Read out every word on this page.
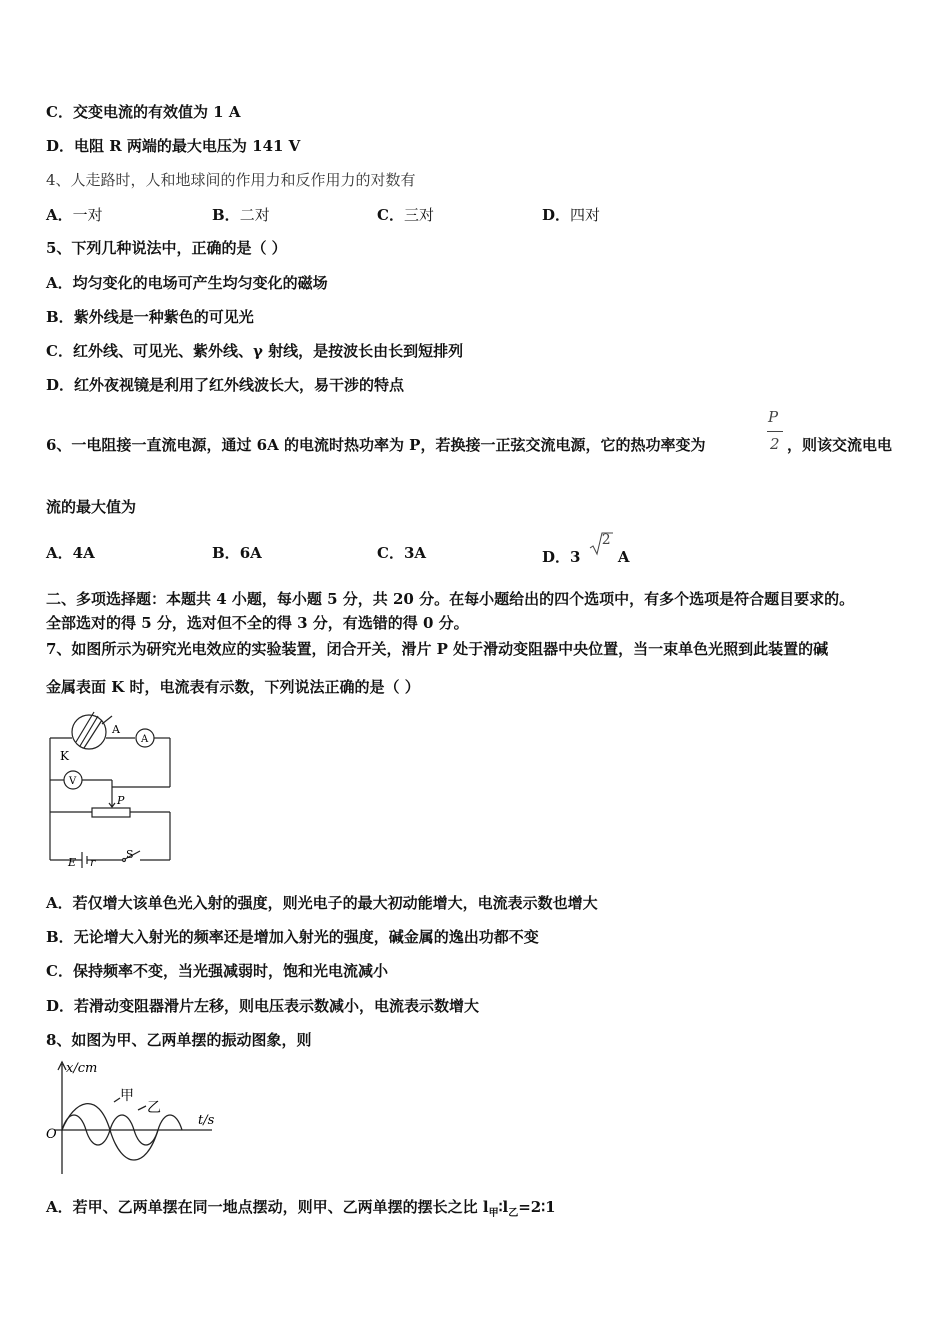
C．交变电流的有效值为 1 A
D．电阻 R 两端的最大电压为 141 V
4、人走路时，人和地球间的作用力和反作用力的对数有
A．一对	B．二对	C．三对	D．四对
5、下列几种说法中，正确的是（ ）
A．均匀变化的电场可产生均匀变化的磁场
B．紫外线是一种紫色的可见光
C．红外线、可见光、紫外线、γ 射线，是按波长由长到短排列
D．红外夜视镜是利用了红外线波长大，易干涉的特点
6、一电阻接一直流电源，通过 6A 的电流时热功率为 P，若换接一正弦交流电源，它的热功率变为
P
2 ，则该交流电电
流的最大值为
A．4A	B．6A	C．3A	D．3
2
A
二、多项选择题：本题共 4 小题，每小题 5 分，共 20 分。在每小题给出的四个选项中，有多个选项是符合题目要求的。
全部选对的得 5 分，选对但不全的得 3 分，有选错的得 0 分。
7、如图所示为研究光电效应的实验装置，闭合开关，滑片 P 处于滑动变阻器中央位置，当一束单色光照到此装置的碱
金属表面 K 时，电流表有示数，下列说法正确的是（ ）
A
K
A
V
P
E r
S
A．若仅增大该单色光入射的强度，则光电子的最大初动能增大，电流表示数也增大
B．无论增大入射光的频率还是增加入射光的强度，碱金属的逸出功都不变
C．保持频率不变，当光强减弱时，饱和光电流减小
D．若滑动变阻器滑片左移，则电压表示数减小，电流表示数增大
8、如图为甲、乙两单摆的振动图象，则
x/cm
t/s
O
甲
乙
A．若甲、乙两单摆在同一地点摆动，则甲、乙两单摆的摆长之比 $l_甲∶l_乙=2∶1$
